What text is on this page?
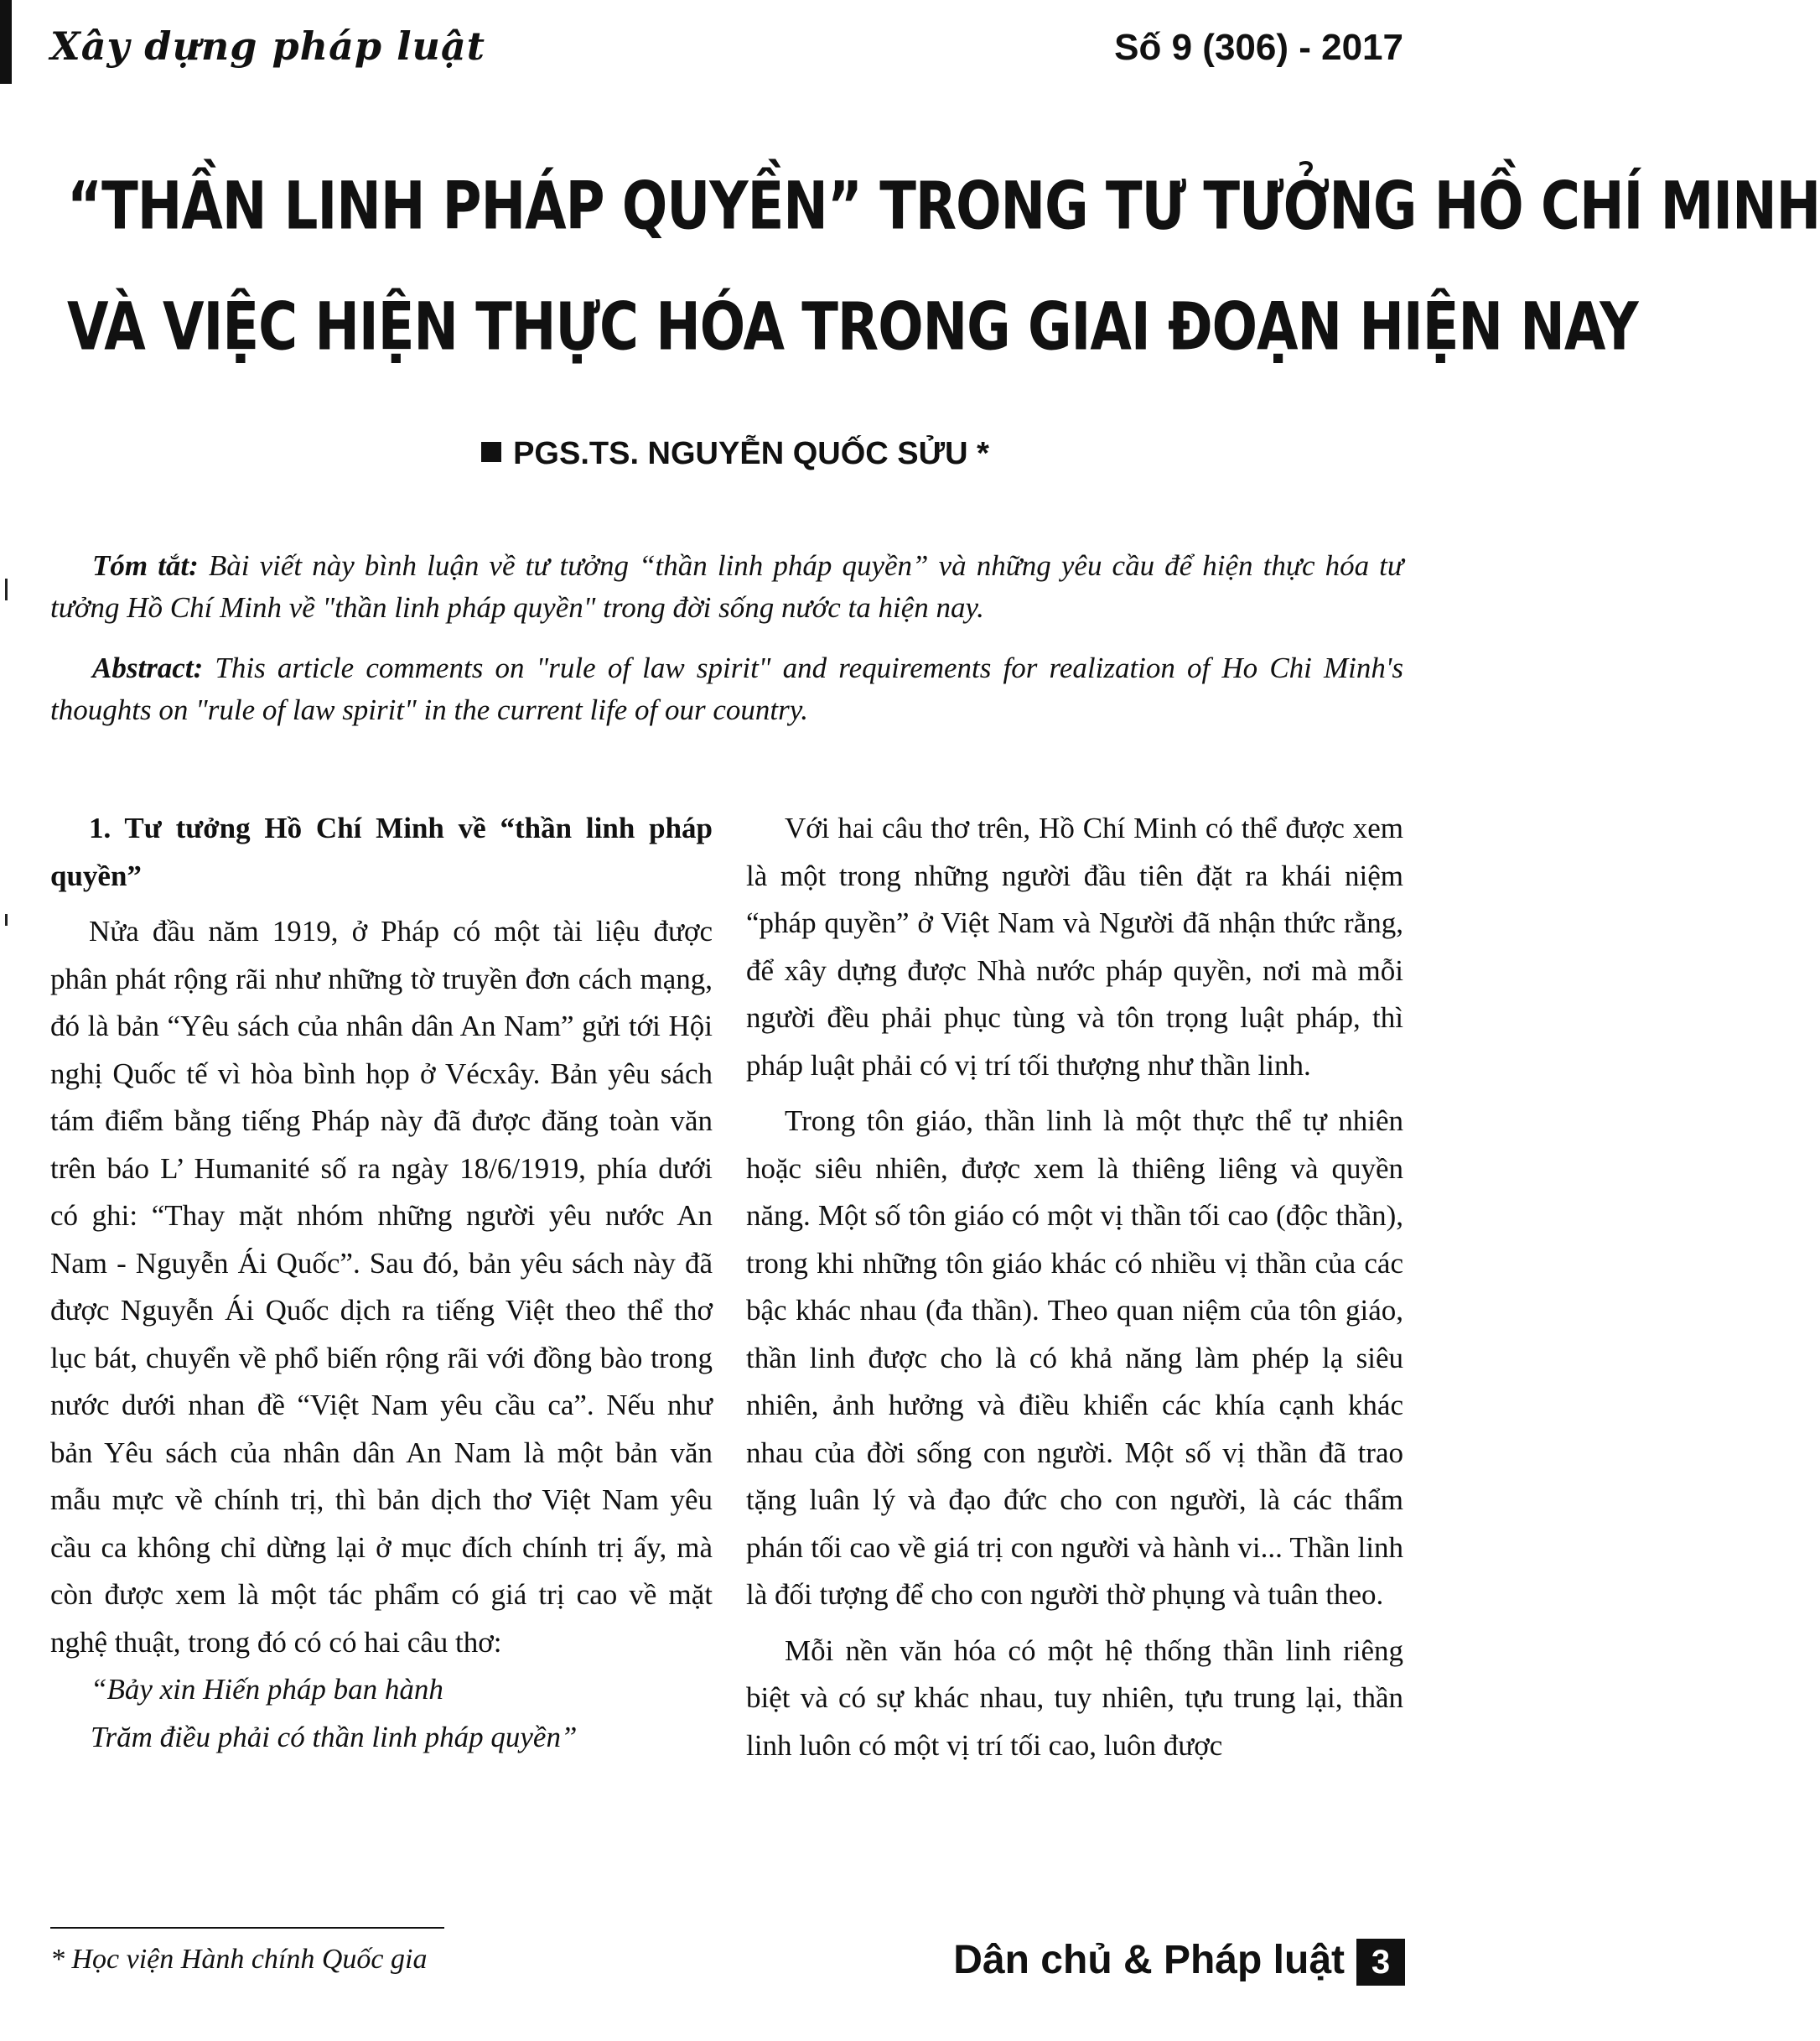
Xây dựng pháp luật	Số 9 (306) - 2017
“THẦN LINH PHÁP QUYỀN” TRONG TƯ TƯỞNG HỒ CHÍ MINH
VÀ VIỆC HIỆN THỰC HÓA TRONG GIAI ĐOẠN HIỆN NAY
PGS.TS. NGUYỄN QUỐC SỬU *

Tóm tắt: Bài viết này bình luận về tư tưởng “thần linh pháp quyền” và những yêu cầu để hiện thực hóa tư tưởng Hồ Chí Minh về "thần linh pháp quyền" trong đời sống nước ta hiện nay.

Abstract: This article comments on "rule of law spirit" and requirements for realization of Ho Chi Minh's thoughts on "rule of law spirit" in the current life of our country.

1. Tư tưởng Hồ Chí Minh về “thần linh pháp quyền”

Nửa đầu năm 1919, ở Pháp có một tài liệu được phân phát rộng rãi như những tờ truyền đơn cách mạng, đó là bản “Yêu sách của nhân dân An Nam” gửi tới Hội nghị Quốc tế vì hòa bình họp ở Vécxây. Bản yêu sách tám điểm bằng tiếng Pháp này đã được đăng toàn văn trên báo L’ Humanité số ra ngày 18/6/1919, phía dưới có ghi: “Thay mặt nhóm những người yêu nước An Nam - Nguyễn Ái Quốc”. Sau đó, bản yêu sách này đã được Nguyễn Ái Quốc dịch ra tiếng Việt theo thể thơ lục bát, chuyển về phổ biến rộng rãi với đồng bào trong nước dưới nhan đề “Việt Nam yêu cầu ca”. Nếu như bản Yêu sách của nhân dân An Nam là một bản văn mẫu mực về chính trị, thì bản dịch thơ Việt Nam yêu cầu ca không chỉ dừng lại ở mục đích chính trị ấy, mà còn được xem là một tác phẩm có giá trị cao về mặt nghệ thuật, trong đó có có hai câu thơ:

“Bảy xin Hiến pháp ban hành

Trăm điều phải có thần linh pháp quyền”

Với hai câu thơ trên, Hồ Chí Minh có thể được xem là một trong những người đầu tiên đặt ra khái niệm “pháp quyền” ở Việt Nam và Người đã nhận thức rằng, để xây dựng được Nhà nước pháp quyền, nơi mà mỗi người đều phải phục tùng và tôn trọng luật pháp, thì pháp luật phải có vị trí tối thượng như thần linh.

Trong tôn giáo, thần linh là một thực thể tự nhiên hoặc siêu nhiên, được xem là thiêng liêng và quyền năng. Một số tôn giáo có một vị thần tối cao (độc thần), trong khi những tôn giáo khác có nhiều vị thần của các bậc khác nhau (đa thần). Theo quan niệm của tôn giáo, thần linh được cho là có khả năng làm phép lạ siêu nhiên, ảnh hưởng và điều khiển các khía cạnh khác nhau của đời sống con người. Một số vị thần đã trao tặng luân lý và đạo đức cho con người, là các thẩm phán tối cao về giá trị con người và hành vi... Thần linh là đối tượng để cho con người thờ phụng và tuân theo.

Mỗi nền văn hóa có một hệ thống thần linh riêng biệt và có sự khác nhau, tuy nhiên, tựu trung lại, thần linh luôn có một vị trí tối cao, luôn được

* Học viện Hành chính Quốc gia	Dân chủ & Pháp luật 3
